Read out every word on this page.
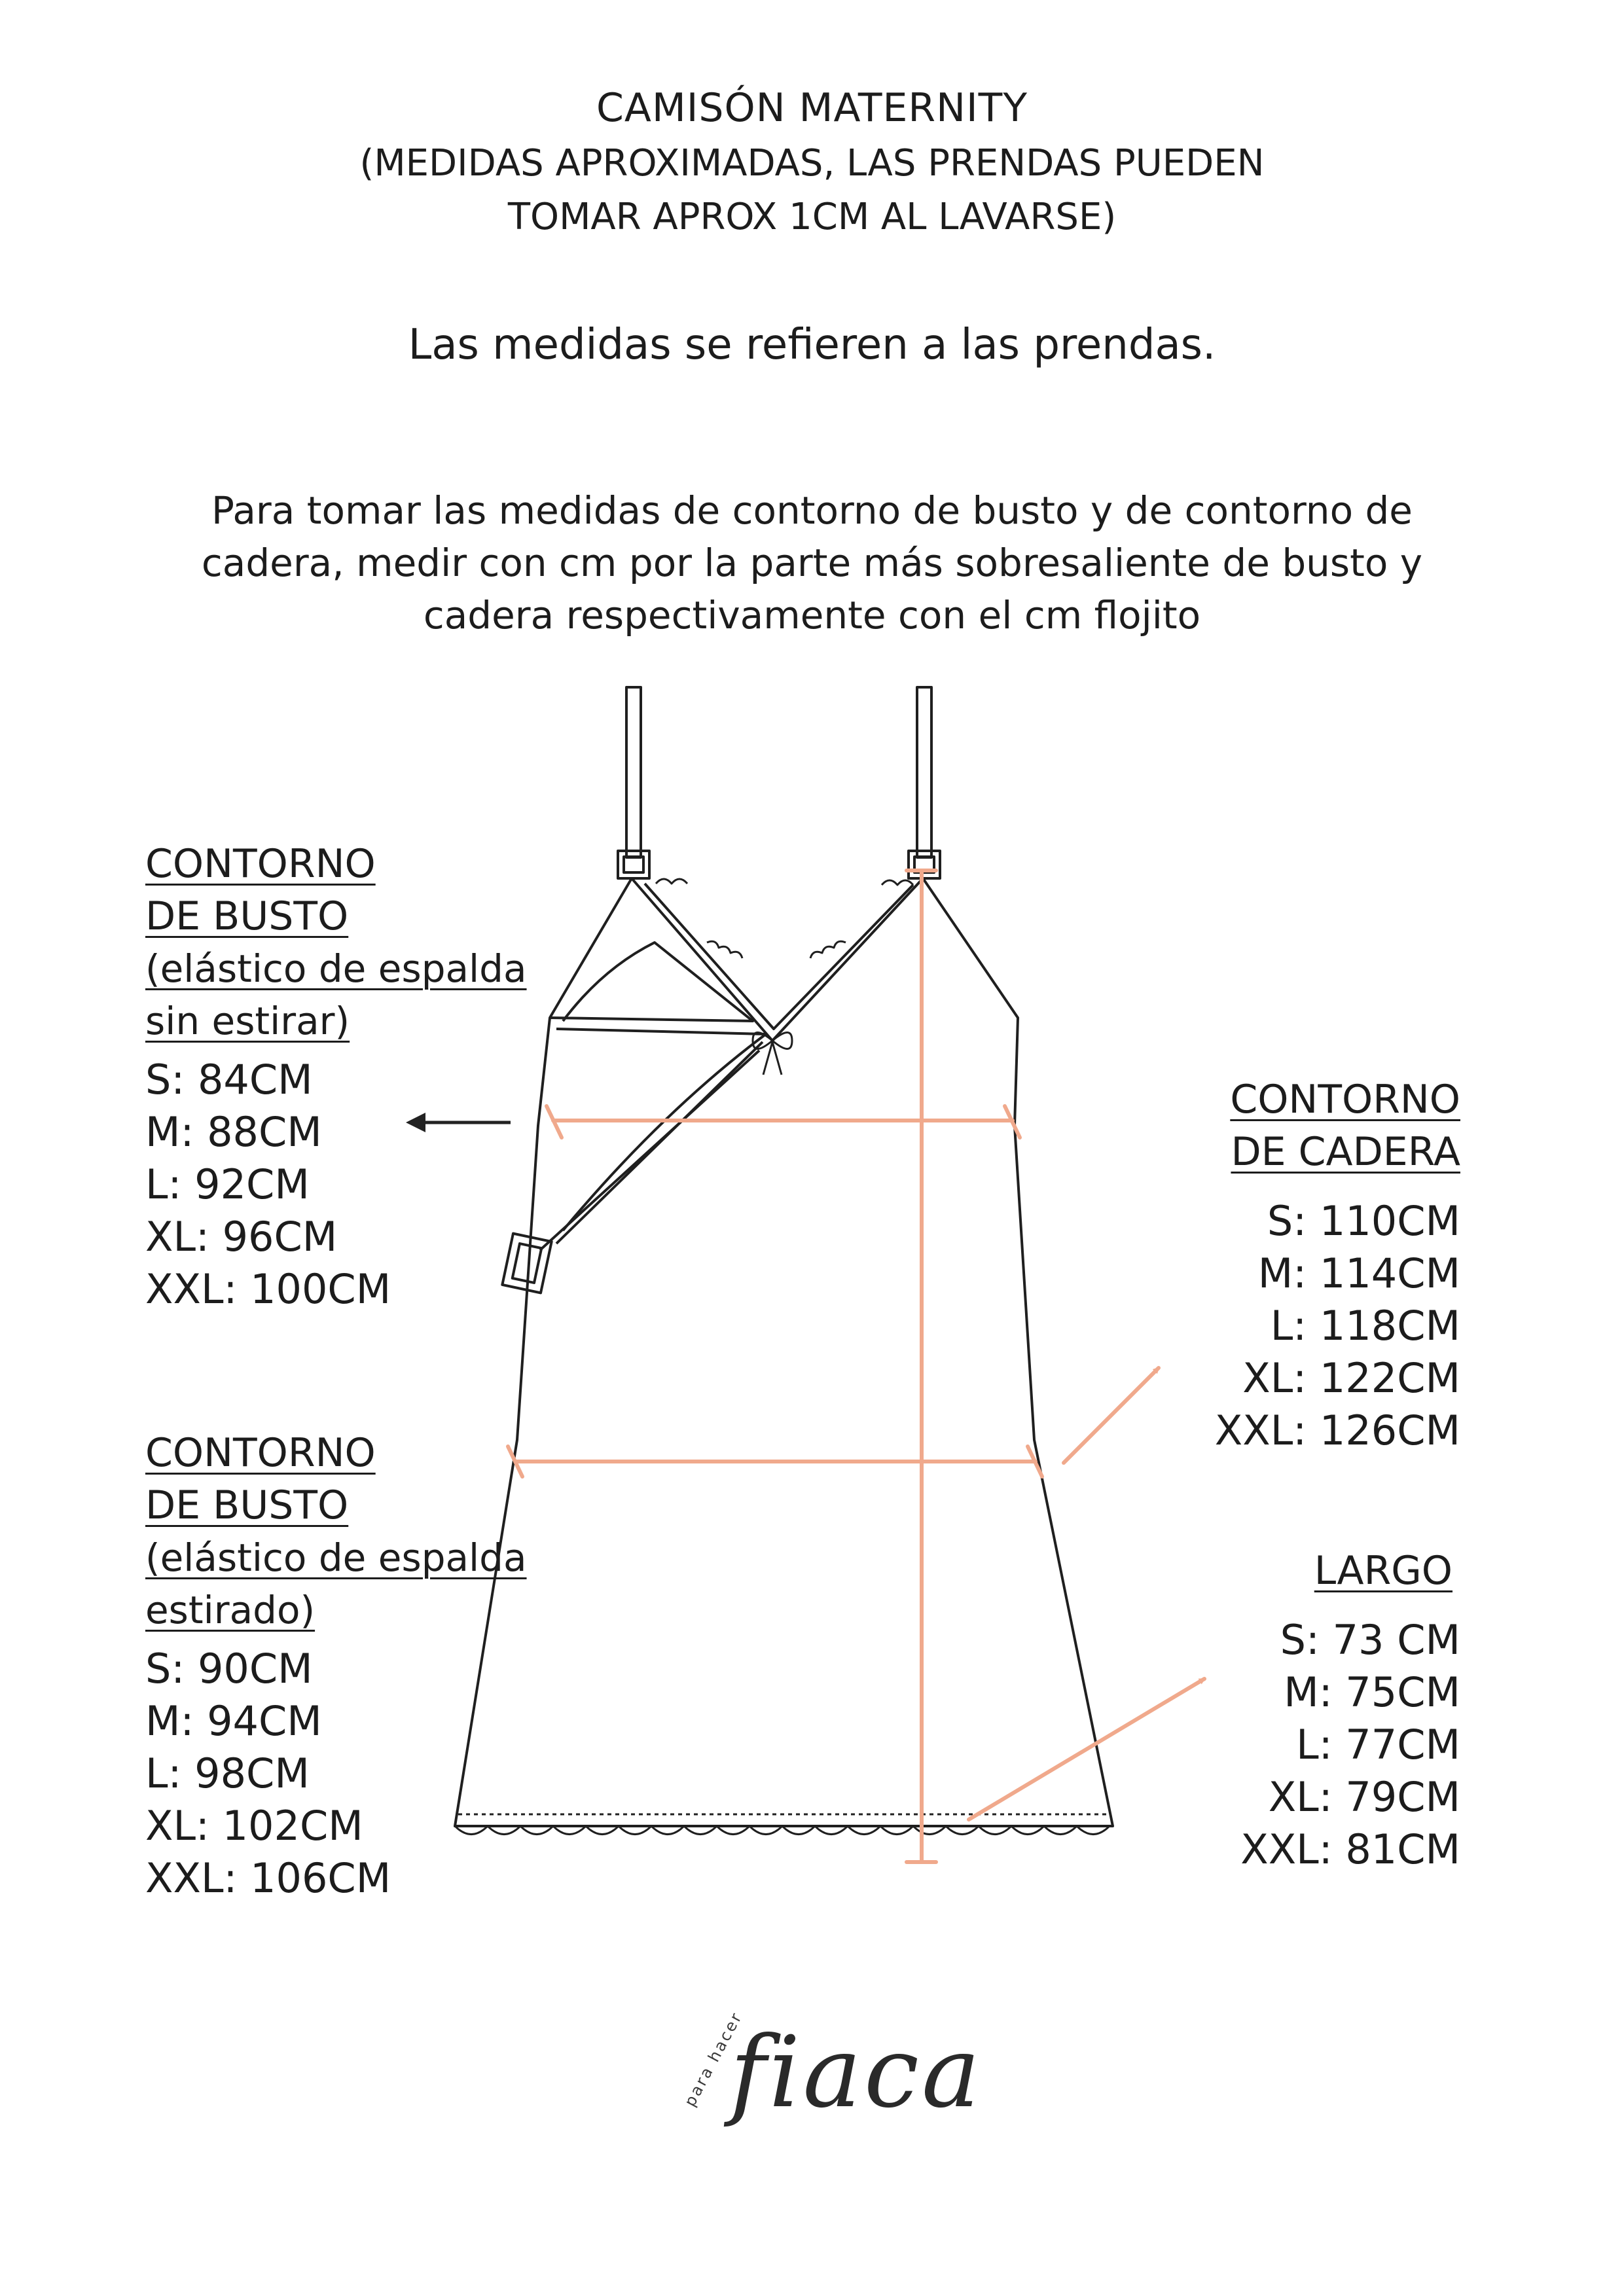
CAMISÓN MATERNITY
(MEDIDAS APROXIMADAS, LAS PRENDAS PUEDEN
TOMAR APROX 1CM AL LAVARSE)
Las medidas se refieren a las prendas.
Para tomar las medidas de contorno de busto y de contorno de
cadera, medir con cm por la parte más sobresaliente de busto y
cadera respectivamente con el cm flojito
CONTORNO
DE BUSTO
(elástico de espalda
sin estirar)
S: 84CM
M: 88CM
L: 92CM
XL: 96CM
XXL: 100CM
CONTORNO
DE BUSTO
(elástico de espalda
estirado)
S: 90CM
M: 94CM
L: 98CM
XL: 102CM
XXL: 106CM
CONTORNO
DE CADERA
S: 110CM
M: 114CM
L: 118CM
XL: 122CM
XXL: 126CM
LARGO
S: 73 CM
M: 75CM
L: 77CM
XL: 79CM
XXL: 81CM
para hacer
fiaca
